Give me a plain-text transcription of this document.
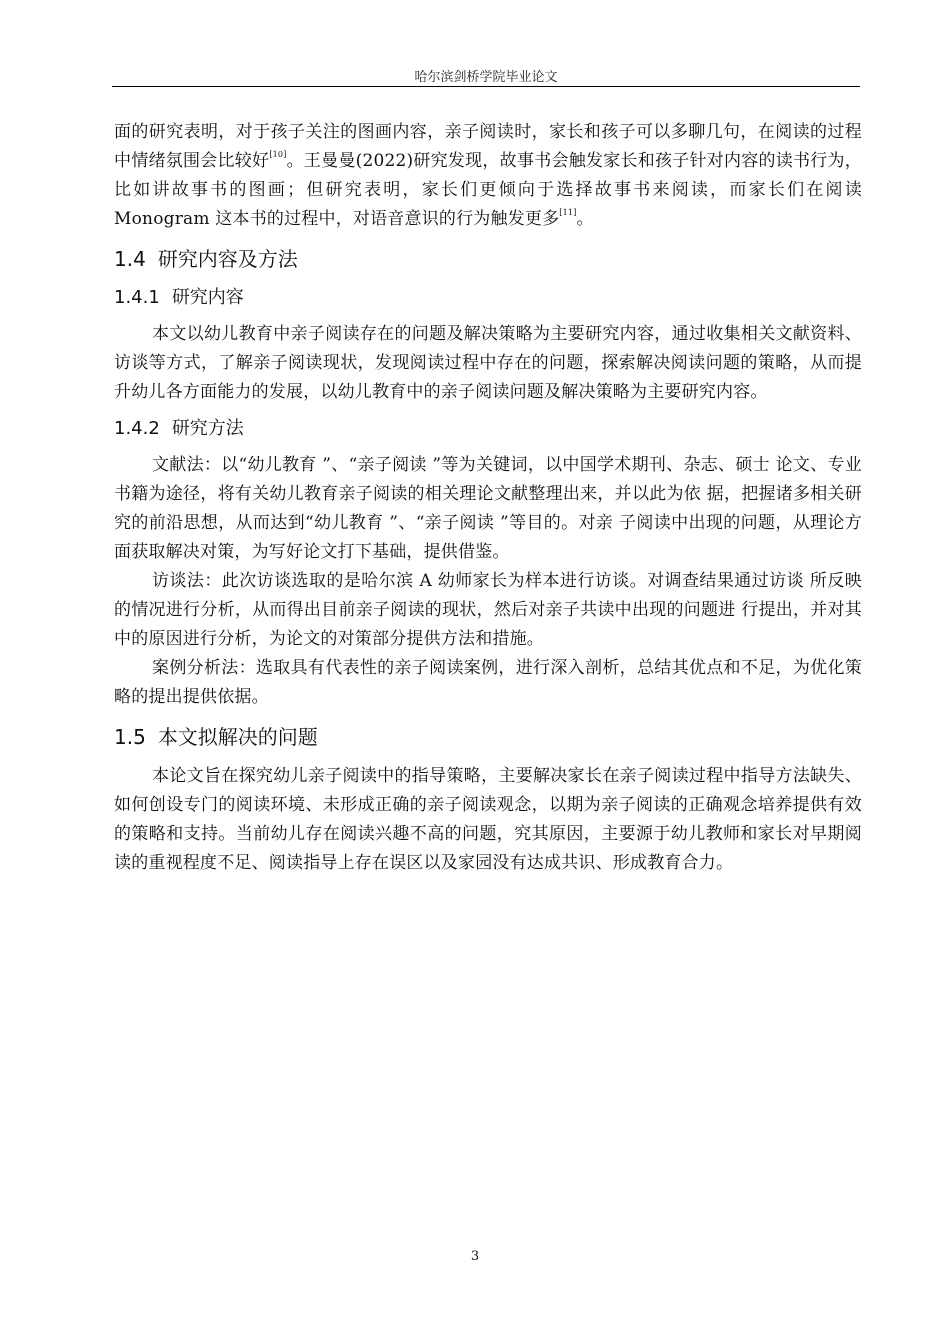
哈尔滨剑桥学院毕业论文

面的研究表明，对于孩子关注的图画内容，亲子阅读时，家长和孩子可以多聊几句，在阅读的过程中情绪氛围会比较好[10]。王曼曼(2022)研究发现，故事书会触发家长和孩子针对内容的读书行为，比如讲故事书的图画；但研究表明，家长们更倾向于选择故事书来阅读，而家长们在阅读 Monogram 这本书的过程中，对语音意识的行为触发更多[11]。

1.4 研究内容及方法
1.4.1 研究内容

本文以幼儿教育中亲子阅读存在的问题及解决策略为主要研究内容，通过收集相关文献资料、访谈等方式，了解亲子阅读现状，发现阅读过程中存在的问题，探索解决阅读问题的策略，从而提升幼儿各方面能力的发展，以幼儿教育中的亲子阅读问题及解决策略为主要研究内容。

1.4.2 研究方法

文献法：以“幼儿教育 ”、“亲子阅读 ”等为关键词，以中国学术期刊、杂志、硕士 论文、专业书籍为途径，将有关幼儿教育亲子阅读的相关理论文献整理出来，并以此为依 据，把握诸多相关研究的前沿思想，从而达到“幼儿教育 ”、“亲子阅读 ”等目的。对亲 子阅读中出现的问题，从理论方面获取解决对策，为写好论文打下基础，提供借鉴。

访谈法：此次访谈选取的是哈尔滨 A 幼师家长为样本进行访谈。对调查结果通过访谈 所反映的情况进行分析，从而得出目前亲子阅读的现状，然后对亲子共读中出现的问题进 行提出，并对其中的原因进行分析，为论文的对策部分提供方法和措施。

案例分析法：选取具有代表性的亲子阅读案例，进行深入剖析，总结其优点和不足，为优化策略的提出提供依据。

1.5 本文拟解决的问题

本论文旨在探究幼儿亲子阅读中的指导策略，主要解决家长在亲子阅读过程中指导方法缺失、如何创设专门的阅读环境、未形成正确的亲子阅读观念，以期为亲子阅读的正确观念培养提供有效的策略和支持。当前幼儿存在阅读兴趣不高的问题，究其原因，主要源于幼儿教师和家长对早期阅读的重视程度不足、阅读指导上存在误区以及家园没有达成共识、形成教育合力。

3
